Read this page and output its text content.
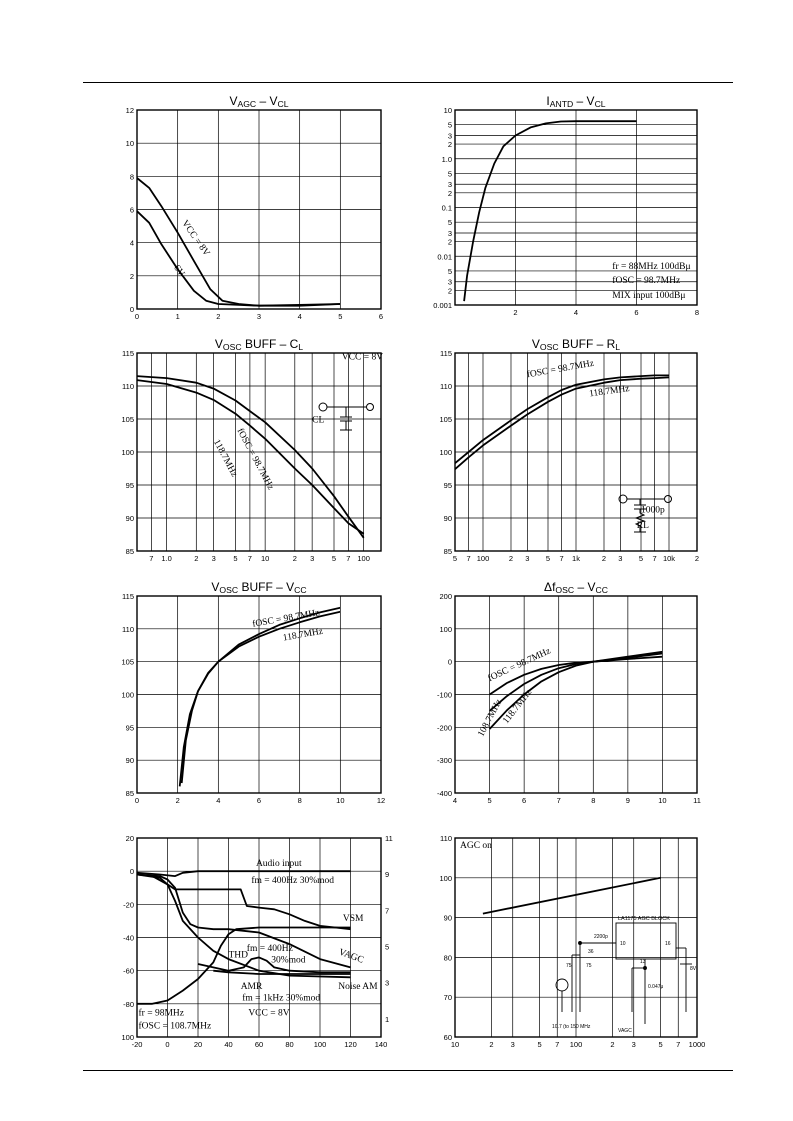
VAGC – VCL
0	1	2	3	4	5	6
0
2
4
6
8
10
12
VCC = 8V
6V
IANTD – VCL
2	4	6	8
0.001
2
3
5
0.01
2
3
5
0.1
2
3
5
1.0
2
3
5
10
fr = 88MHz 100dBμ
fOSC = 98.7MHz
MIX input 100dBμ
VOSC BUFF – CL
7 1.0	2 3 5 7 10	2 3 5 7 100
85
90
95
100
105
110
115	VCC = 8V
fOSC = 98.7MHz
118.7MHz
CL
VOSC BUFF – RL
5 7 100	2 3 5 7 1k	2 3 5 7 10k	2
85
90
95
100
105
110
115
fOSC = 98.7MHz
118.7MHz
1000p
RL
VOSC BUFF – VCC
0	2	4	6	8	10	12
85
90
95
100
105
110
115
fOSC = 98.7MHz
118.7MHz
ΔfOSC – VCC
4	5	6	7	8	9	10	11
-400
-300
-200
-100
0
100
200
fOSC = 98.7MHz
108.7MHz
118.7MHz
-20	0	20	40	60	80	100 120 140
100
-80
-60
-40
-20
0
20
1
3
5
7
9
11
Audio input
fm = 400Hz 30%mod
VSM
fm = 400Hz
THD 30%mod	VAGC
AMR	Noise AM
fm = 1kHz 30%mod
fr = 98MHz	VCC = 8V
fOSC = 108.7MHz
10	2 3	5 7 100	2 3	5 7 1000
60
70
80
90
100
110
AGC on
LA1175 AGC BLOCK
2200p
10	16
13
75	75
36
0.047μ
8V
VAGC
10.7 (to 150 MHz
